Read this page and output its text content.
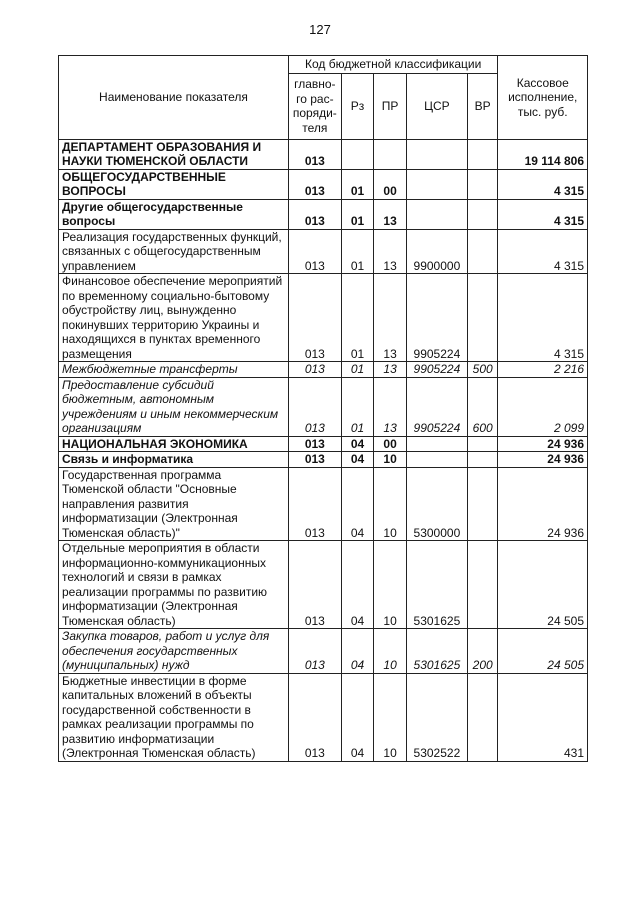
127
Наименование показателя	Код бюджетной классификации					Кассовое исполнение, тыс. руб.
	главно-го рас-поряди-теля	Рз	ПР	ЦСР	ВР	
ДЕПАРТАМЕНТ ОБРАЗОВАНИЯ И НАУКИ ТЮМЕНСКОЙ ОБЛАСТИ	013					19 114 806
ОБЩЕГОСУДАРСТВЕННЫЕ ВОПРОСЫ	013	01	00			4 315
Другие общегосударственные вопросы	013	01	13			4 315
Реализация государственных функций, связанных с общегосударственным управлением	013	01	13	9900000		4 315
Финансовое обеспечение мероприятий по временному социально-бытовому обустройству лиц, вынужденно покинувших территорию Украины и находящихся в пунктах временного размещения	013	01	13	9905224		4 315
Межбюджетные трансферты	013	01	13	9905224	500	2 216
Предоставление субсидий бюджетным, автономным учреждениям и иным некоммерческим организациям	013	01	13	9905224	600	2 099
НАЦИОНАЛЬНАЯ ЭКОНОМИКА	013	04	00			24 936
Связь и информатика	013	04	10			24 936
Государственная программа Тюменской области "Основные направления развития информатизации (Электронная Тюменская область)"	013	04	10	5300000		24 936
Отдельные мероприятия в области информационно-коммуникационных технологий и связи в рамках реализации программы по развитию информатизации (Электронная Тюменская область)	013	04	10	5301625		24 505
Закупка товаров, работ и услуг для обеспечения государственных (муниципальных) нужд	013	04	10	5301625	200	24 505
Бюджетные инвестиции в форме капитальных вложений в объекты государственной собственности в рамках реализации программы по развитию информатизации (Электронная Тюменская область)	013	04	10	5302522		431
